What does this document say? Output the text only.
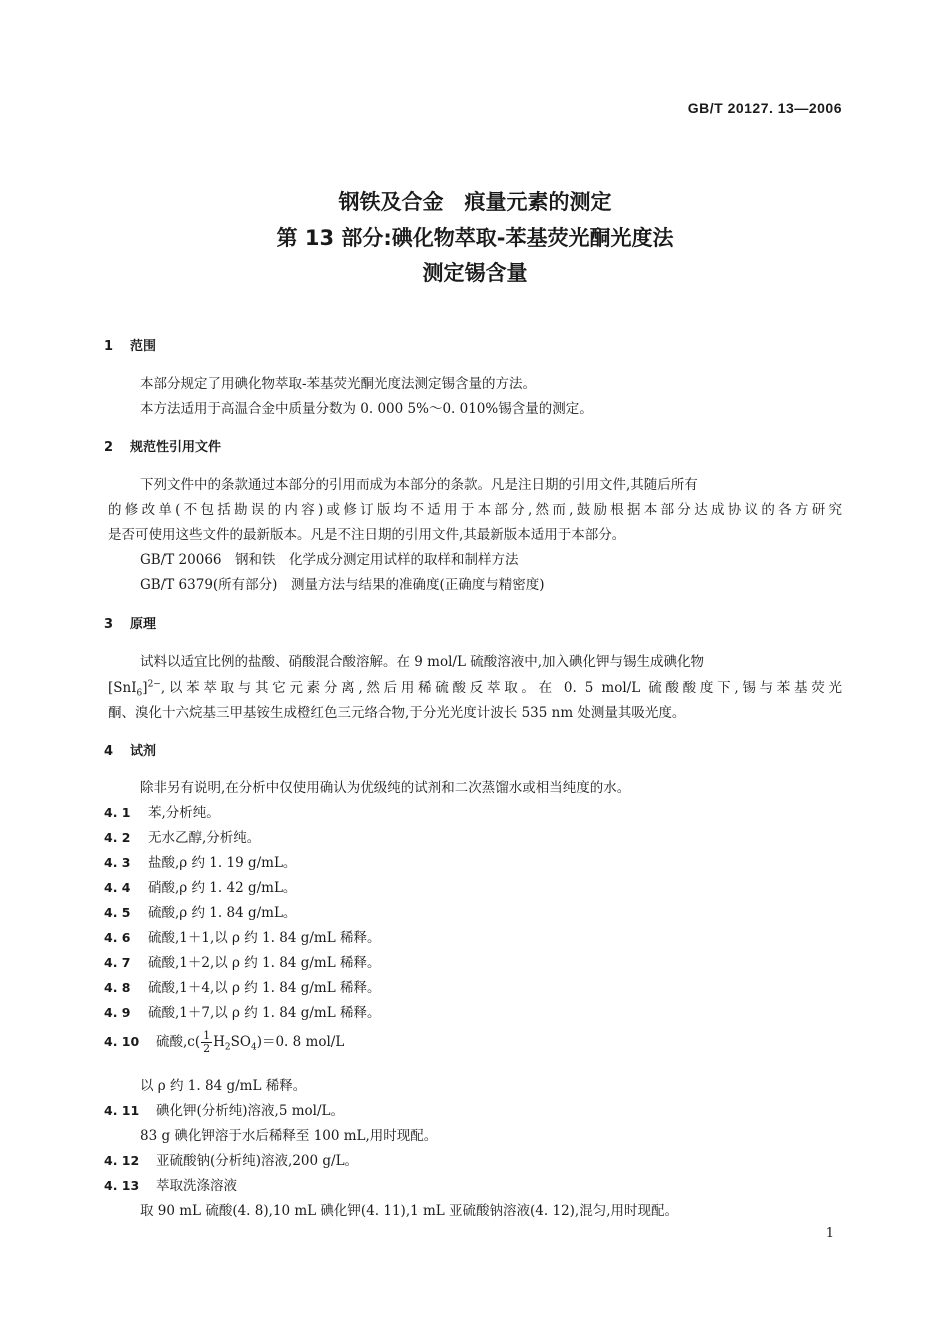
GB/T 20127. 13—2006
钢铁及合金　痕量元素的测定
第 13 部分:碘化物萃取-苯基荧光酮光度法
测定锡含量
1 范围
本部分规定了用碘化物萃取-苯基荧光酮光度法测定锡含量的方法。
本方法适用于高温合金中质量分数为 0. 000 5%～0. 010%锡含量的测定。
2 规范性引用文件
下列文件中的条款通过本部分的引用而成为本部分的条款。凡是注日期的引用文件,其随后所有
的修改单(不包括勘误的内容)或修订版均不适用于本部分,然而,鼓励根据本部分达成协议的各方研究
是否可使用这些文件的最新版本。凡是不注日期的引用文件,其最新版本适用于本部分。
GB/T 20066　钢和铁　化学成分测定用试样的取样和制样方法
GB/T 6379(所有部分)　测量方法与结果的准确度(正确度与精密度)
3 原理
试料以适宜比例的盐酸、硝酸混合酸溶解。在 9 mol/L 硫酸溶液中,加入碘化钾与锡生成碘化物
$[SnI_6]^{2-}$,以苯萃取与其它元素分离,然后用稀硫酸反萃取。在 0. 5 mol/L 硫酸酸度下,锡与苯基荧光
酮、溴化十六烷基三甲基铵生成橙红色三元络合物,于分光光度计波长 535 nm 处测量其吸光度。
4 试剂
除非另有说明,在分析中仅使用确认为优级纯的试剂和二次蒸馏水或相当纯度的水。
4. 1 苯,分析纯。
4. 2 无水乙醇,分析纯。
4. 3 盐酸,ρ 约 1. 19 g/mL。
4. 4 硝酸,ρ 约 1. 42 g/mL。
4. 5 硫酸,ρ 约 1. 84 g/mL。
4. 6 硫酸,1＋1,以 ρ 约 1. 84 g/mL 稀释。
4. 7 硫酸,1＋2,以 ρ 约 1. 84 g/mL 稀释。
4. 8 硫酸,1＋4,以 ρ 约 1. 84 g/mL 稀释。
4. 9 硫酸,1＋7,以 ρ 约 1. 84 g/mL 稀释。
4. 10 硫酸$,c( \frac{1}{2} H_2SO_4)=0$. 8 mol/L
以 ρ 约 1. 84 g/mL 稀释。
4. 11 碘化钾(分析纯)溶液,5 mol/L。
83 g 碘化钾溶于水后稀释至 100 mL,用时现配。
4. 12 亚硫酸钠(分析纯)溶液,200 g/L。
4. 13 萃取洗涤溶液
取 90 mL 硫酸(4. 8),10 mL 碘化钾(4. 11),1 mL 亚硫酸钠溶液(4. 12),混匀,用时现配。
1
